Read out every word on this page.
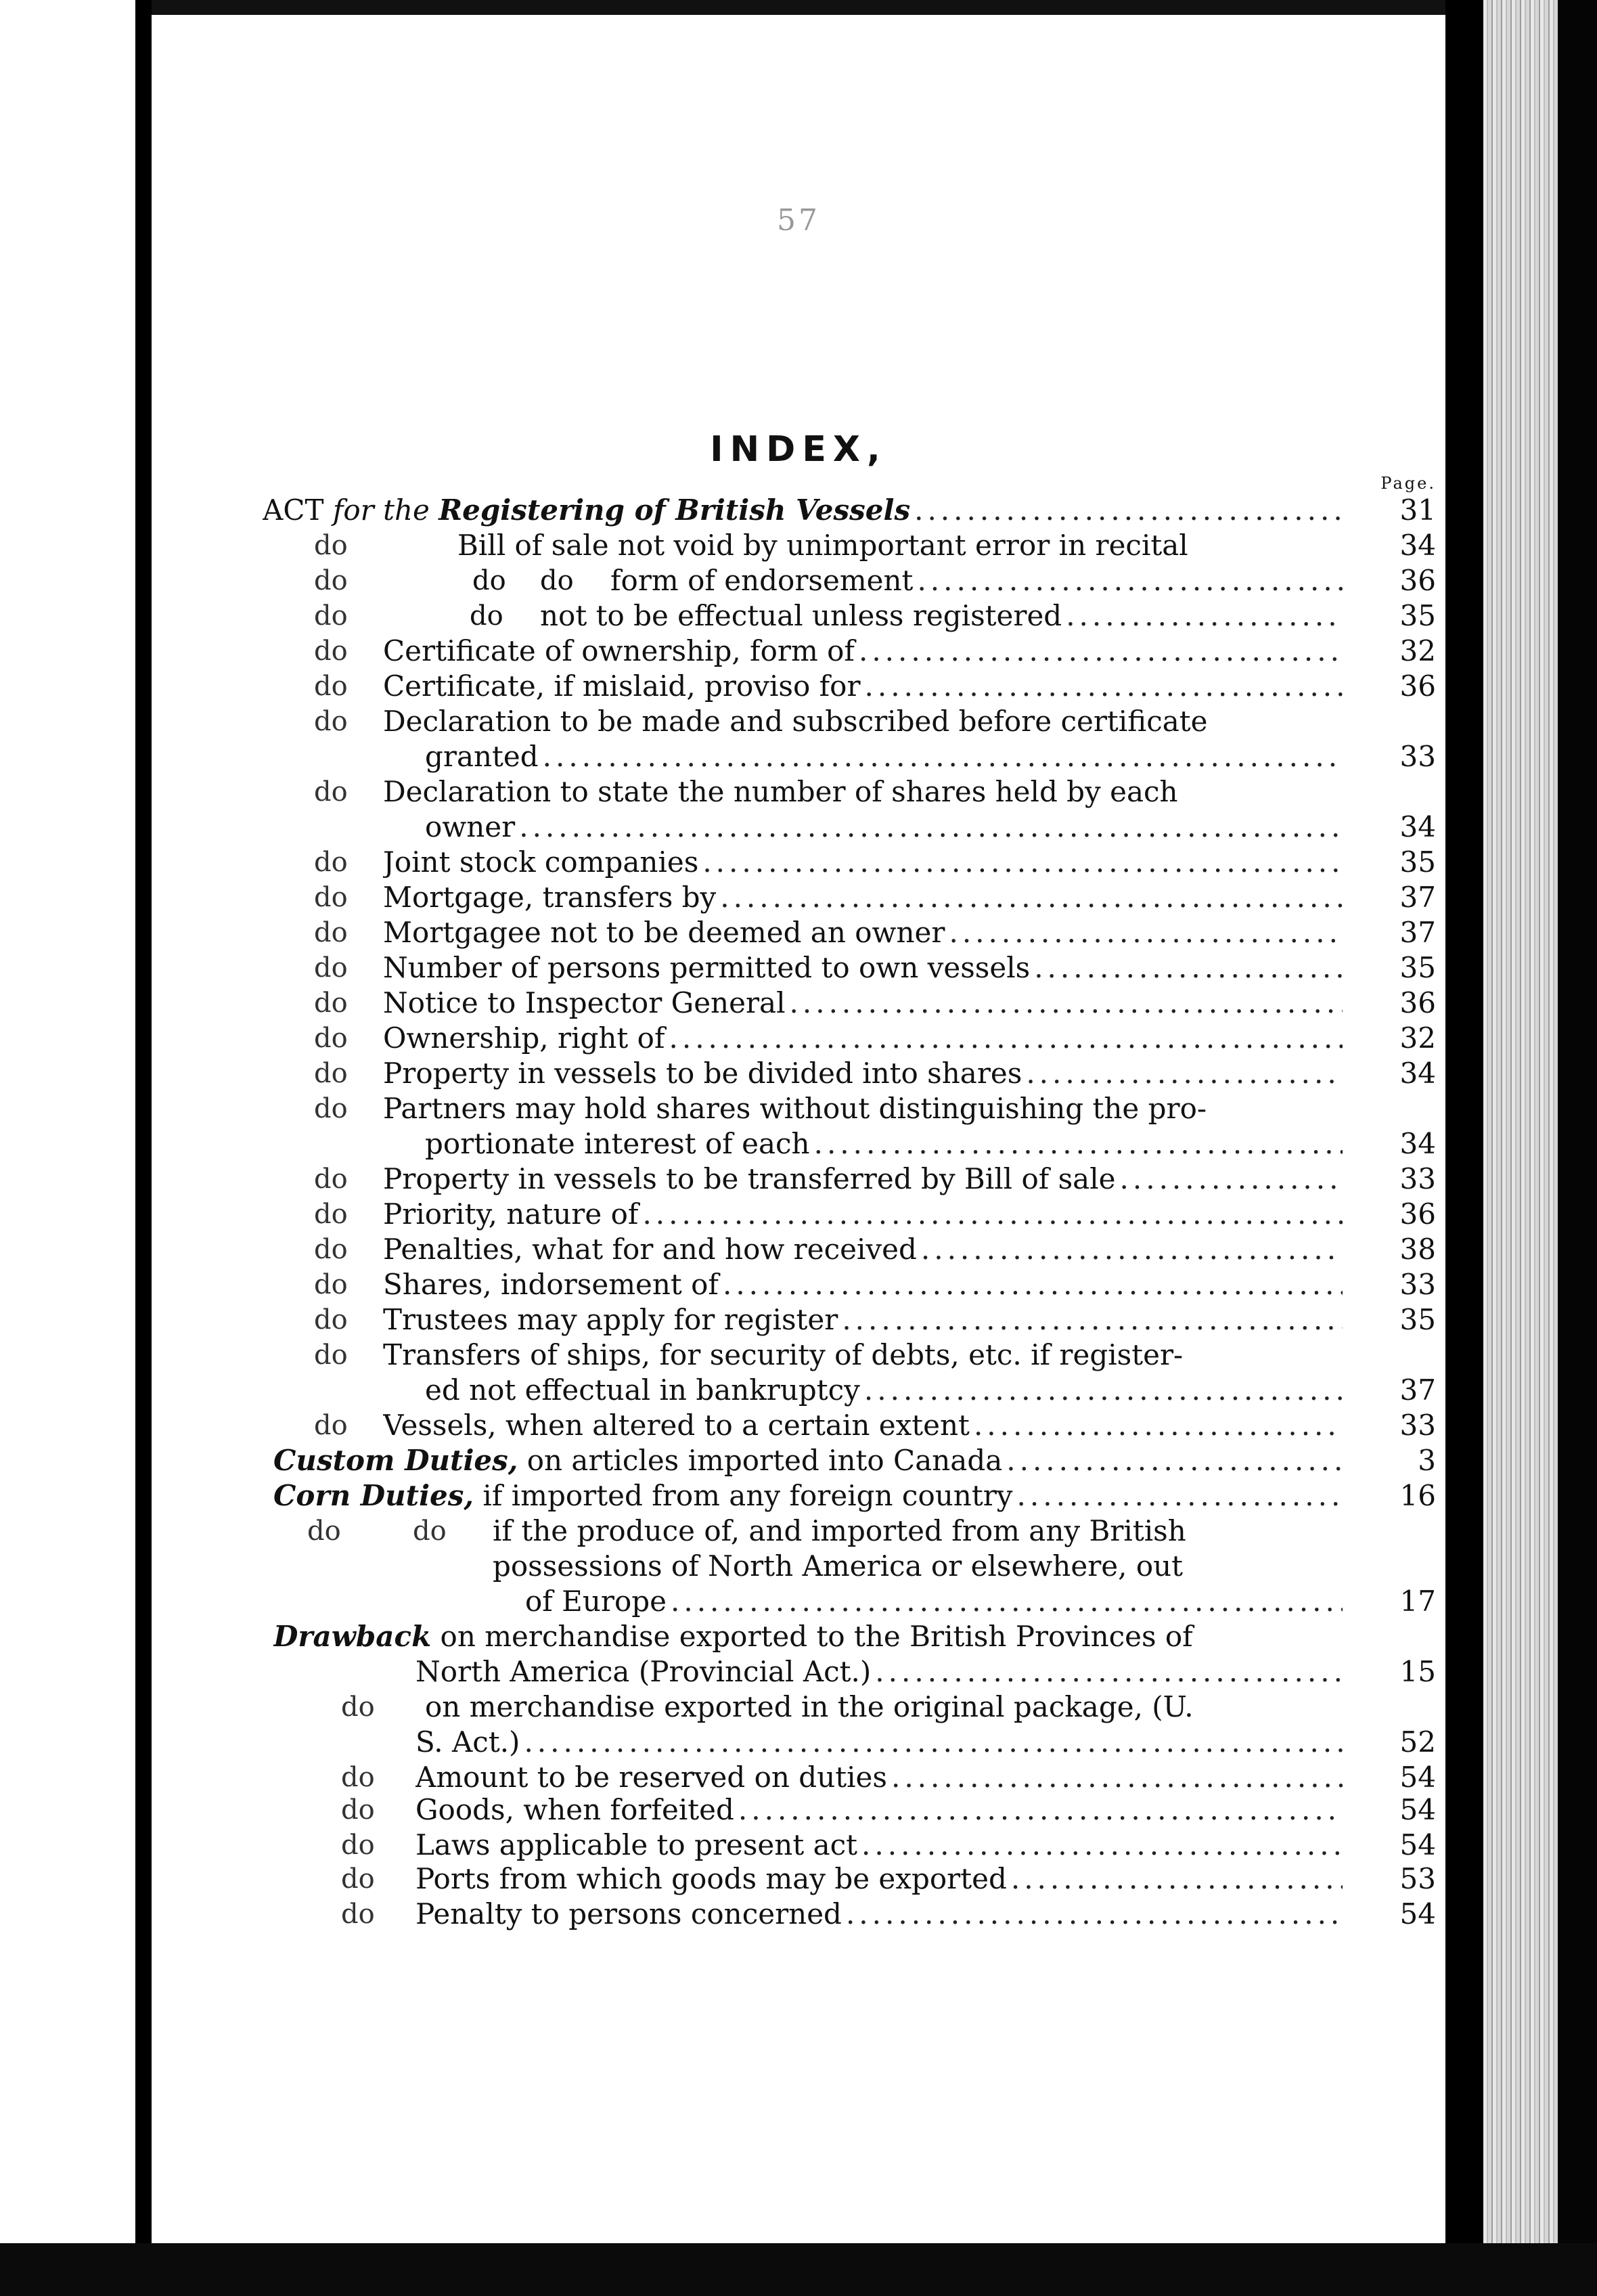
57
INDEX,
Page.
ACT for the Registering of British Vessels .....	31
do	Bill of sale not void by unimportant error in recital	34
do	do do form of endorsement .....	36
do	do not to be effectual unless registered .....	35
do Certificate of ownership, form of .....	32
do Certificate, if mislaid, proviso for .....	36
do Declaration to be made and subscribed before certificate
granted .....	33
do Declaration to state the number of shares held by each
owner .....	34
do Joint stock companies .....	35
do Mortgage, transfers by .....	37
do Mortgagee not to be deemed an owner .....	37
do Number of persons permitted to own vessels .....	35
do Notice to Inspector General .....	36
do Ownership, right of .....	32
do Property in vessels to be divided into shares .....	34
do Partners may hold shares without distinguishing the pro-
portionate interest of each .....	34
do Property in vessels to be transferred by Bill of sale .....	33
do Priority, nature of .....	36
do Penalties, what for and how received .....	38
do Shares, indorsement of .....	33
do Trustees may apply for register .....	35
do Transfers of ships, for security of debts, etc. if register-
ed not effectual in bankruptcy .....	37
do Vessels, when altered to a certain extent .....	33
Custom Duties, on articles imported into Canada .....	3
Corn Duties, if imported from any foreign country .....	16
do	do if the produce of, and imported from any British
possessions of North America or elsewhere, out
of Europe .....	17
Drawback on merchandise exported to the British Provinces of
North America (Provincial Act.) .....	15
do on merchandise exported in the original package, (U.
S. Act.) .....	52
do Amount to be reserved on duties .....	54
do Goods, when forfeited .....	54
do Laws applicable to present act .....	54
do Ports from which goods may be exported .....	53
do Penalty to persons concerned .....	54
